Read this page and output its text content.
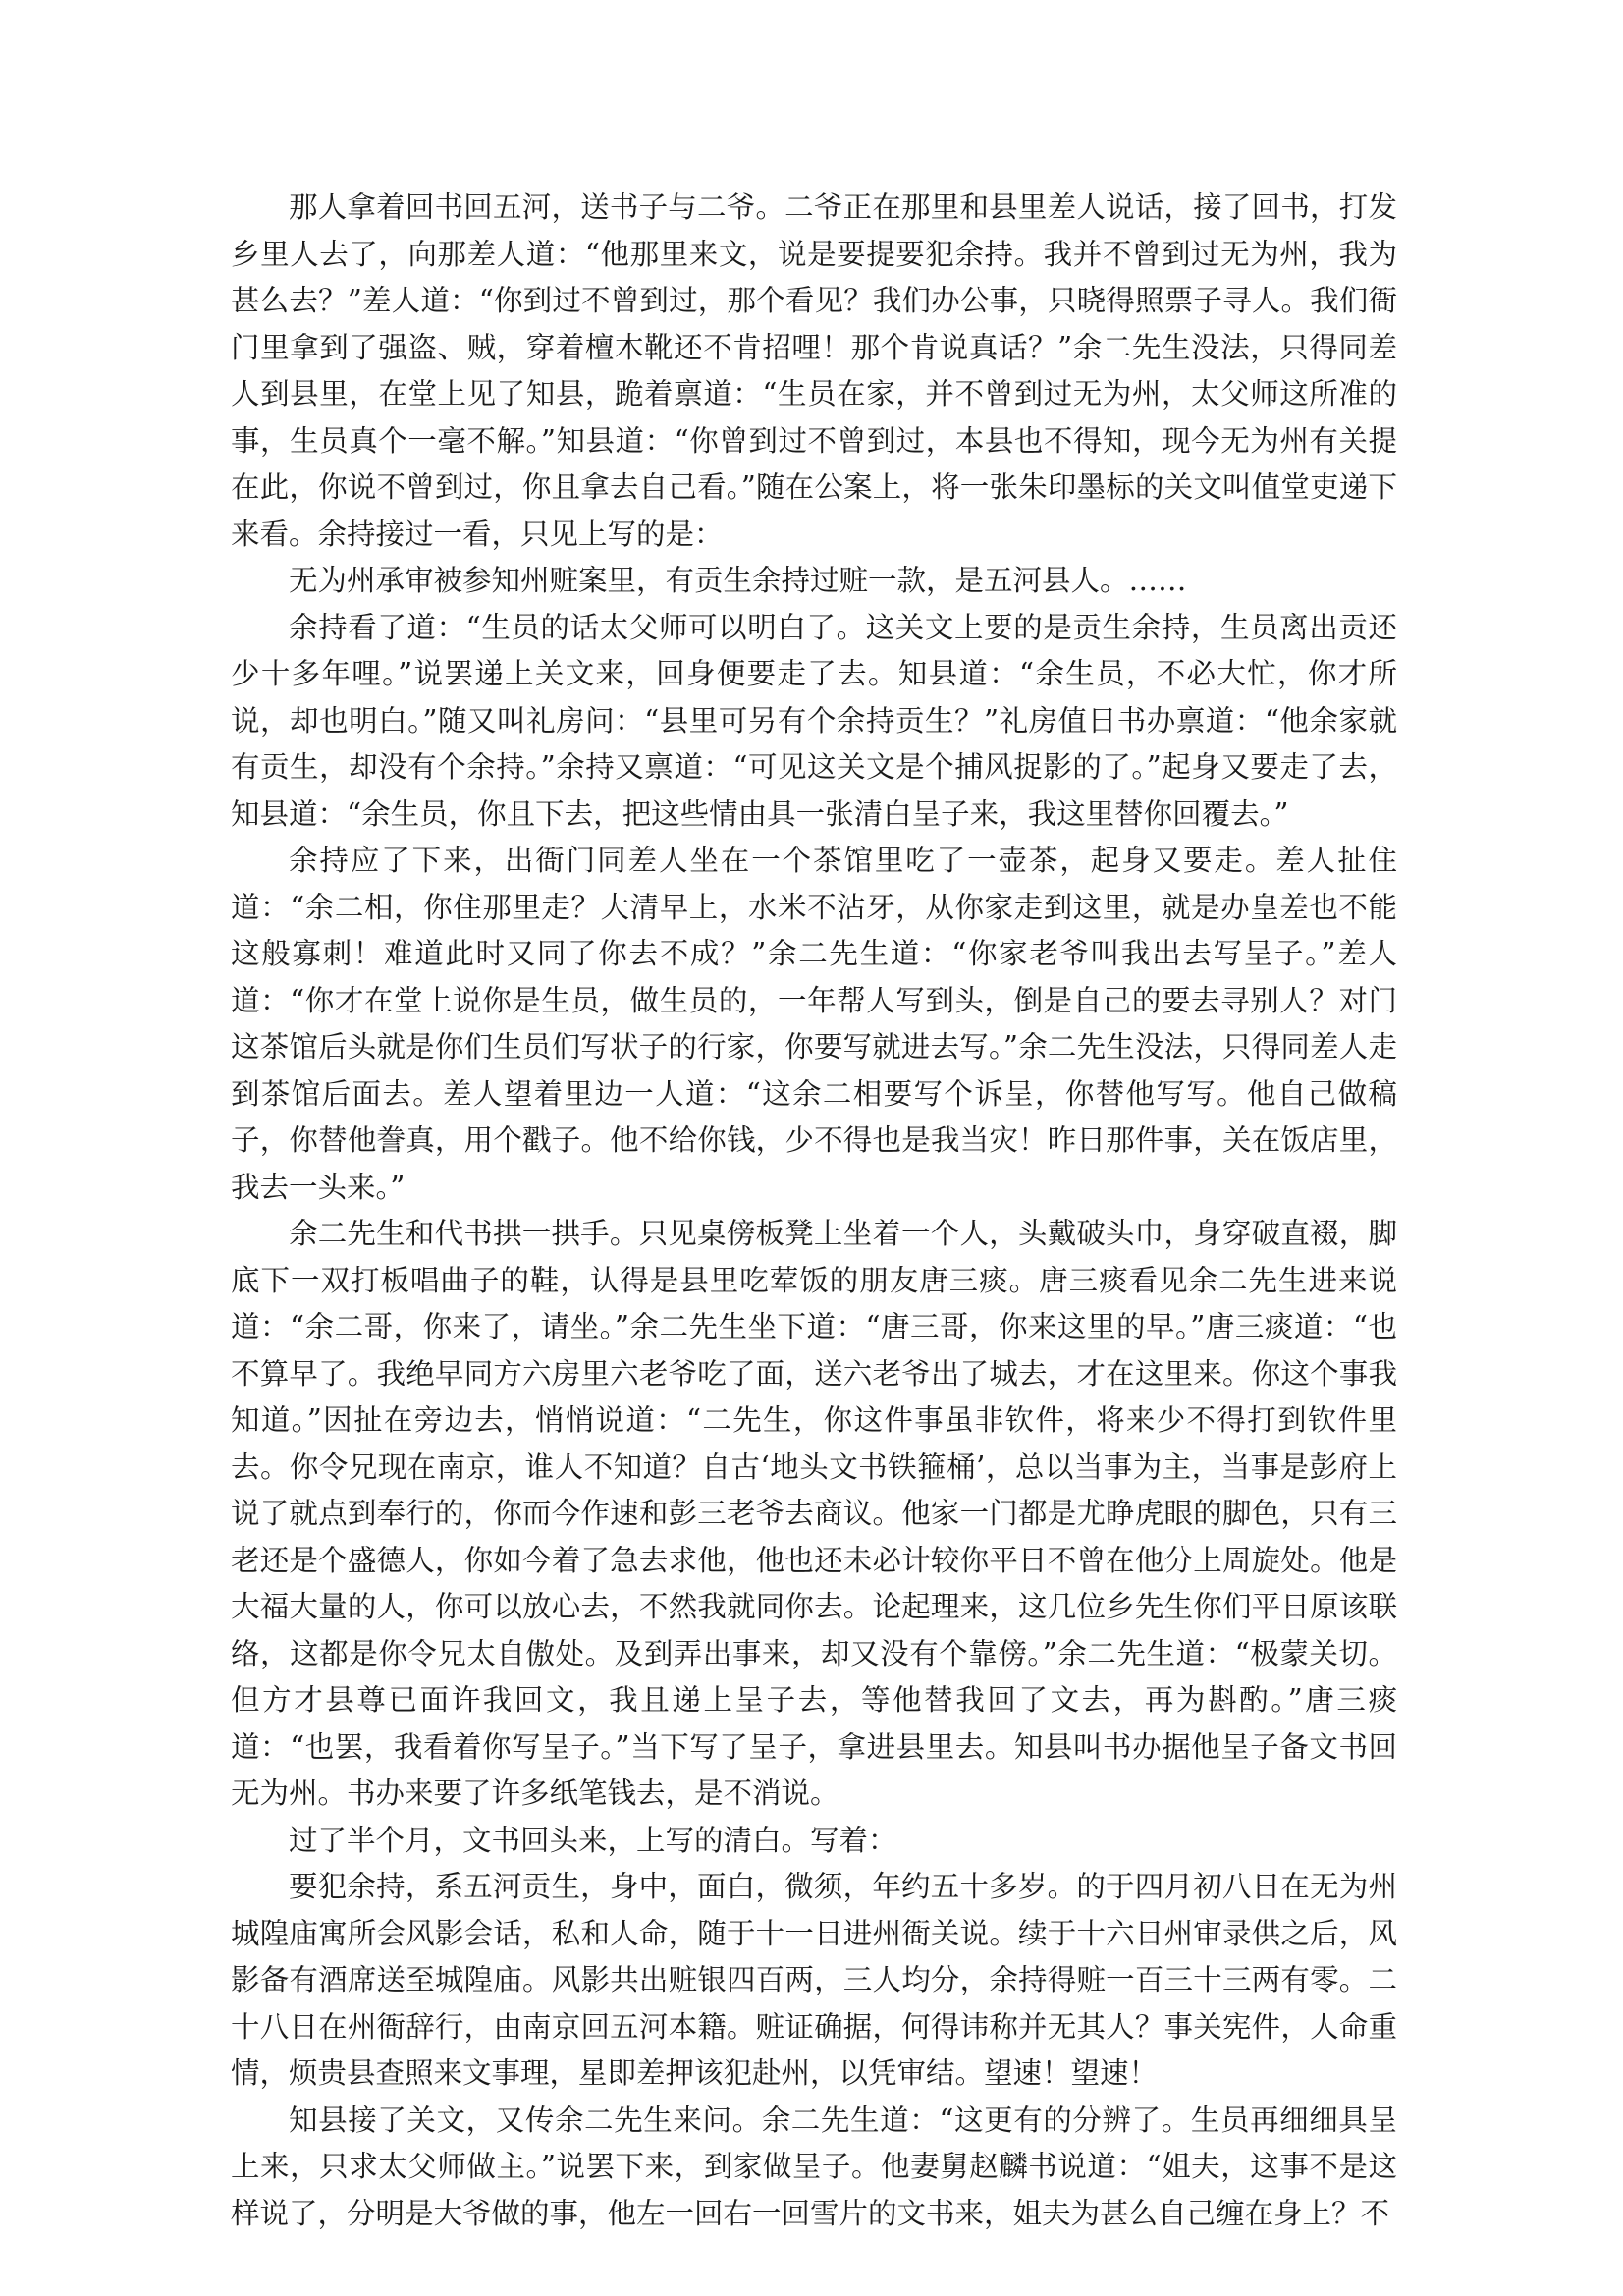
那人拿着回书回五河，送书子与二爷。二爷正在那里和县里差人说话，接了回书，打发乡里人去了，向那差人道：“他那里来文，说是要提要犯余持。我并不曾到过无为州，我为甚么去？”差人道：“你到过不曾到过，那个看见？我们办公事，只晓得照票子寻人。我们衙门里拿到了强盗、贼，穿着檀木靴还不肯招哩！那个肯说真话？”余二先生没法，只得同差人到县里，在堂上见了知县，跪着禀道：“生员在家，并不曾到过无为州，太父师这所准的事，生员真个一毫不解。”知县道：“你曾到过不曾到过，本县也不得知，现今无为州有关提在此，你说不曾到过，你且拿去自己看。”随在公案上，将一张朱印墨标的关文叫值堂吏递下来看。余持接过一看，只见上写的是：

无为州承审被参知州赃案里，有贡生余持过赃一款，是五河县人。……

余持看了道：“生员的话太父师可以明白了。这关文上要的是贡生余持，生员离出贡还少十多年哩。”说罢递上关文来，回身便要走了去。知县道：“余生员，不必大忙，你才所说，却也明白。”随又叫礼房问：“县里可另有个余持贡生？”礼房值日书办禀道：“他余家就有贡生，却没有个余持。”余持又禀道：“可见这关文是个捕风捉影的了。”起身又要走了去，知县道：“余生员，你且下去，把这些情由具一张清白呈子来，我这里替你回覆去。”

余持应了下来，出衙门同差人坐在一个茶馆里吃了一壶茶，起身又要走。差人扯住道：“余二相，你住那里走？大清早上，水米不沾牙，从你家走到这里，就是办皇差也不能这般寡刺！难道此时又同了你去不成？”余二先生道：“你家老爷叫我出去写呈子。”差人道：“你才在堂上说你是生员，做生员的，一年帮人写到头，倒是自己的要去寻别人？对门这茶馆后头就是你们生员们写状子的行家，你要写就进去写。”余二先生没法，只得同差人走到茶馆后面去。差人望着里边一人道：“这余二相要写个诉呈，你替他写写。他自己做稿子，你替他誊真，用个戳子。他不给你钱，少不得也是我当灾！昨日那件事，关在饭店里，我去一头来。”

余二先生和代书拱一拱手。只见桌傍板凳上坐着一个人，头戴破头巾，身穿破直裰，脚底下一双打板唱曲子的鞋，认得是县里吃荤饭的朋友唐三痰。唐三痰看见余二先生进来说道：“余二哥，你来了，请坐。”余二先生坐下道：“唐三哥，你来这里的早。”唐三痰道：“也不算早了。我绝早同方六房里六老爷吃了面，送六老爷出了城去，才在这里来。你这个事我知道。”因扯在旁边去，悄悄说道：“二先生，你这件事虽非钦件，将来少不得打到钦件里去。你令兄现在南京，谁人不知道？自古‘地头文书铁箍桶’，总以当事为主，当事是彭府上说了就点到奉行的，你而今作速和彭三老爷去商议。他家一门都是尤睁虎眼的脚色，只有三老还是个盛德人，你如今着了急去求他，他也还未必计较你平日不曾在他分上周旋处。他是大福大量的人，你可以放心去，不然我就同你去。论起理来，这几位乡先生你们平日原该联络，这都是你令兄太自傲处。及到弄出事来，却又没有个靠傍。”余二先生道：“极蒙关切。但方才县尊已面许我回文，我且递上呈子去，等他替我回了文去，再为斟酌。”唐三痰道：“也罢，我看着你写呈子。”当下写了呈子，拿进县里去。知县叫书办据他呈子备文书回无为州。书办来要了许多纸笔钱去，是不消说。

过了半个月，文书回头来，上写的清白。写着：

要犯余持，系五河贡生，身中，面白，微须，年约五十多岁。的于四月初八日在无为州城隍庙寓所会风影会话，私和人命，随于十一日进州衙关说。续于十六日州审录供之后，风影备有酒席送至城隍庙。风影共出赃银四百两，三人均分，余持得赃一百三十三两有零。二十八日在州衙辞行，由南京回五河本籍。赃证确据，何得讳称并无其人？事关宪件，人命重情，烦贵县查照来文事理，星即差押该犯赴州，以凭审结。望速！望速！

知县接了关文，又传余二先生来问。余二先生道：“这更有的分辨了。生员再细细具呈上来，只求太父师做主。”说罢下来，到家做呈子。他妻舅赵麟书说道：“姐夫，这事不是这样说了，分明是大爷做的事，他左一回右一回雪片的文书来，姐夫为甚么自己缠在身上？不
